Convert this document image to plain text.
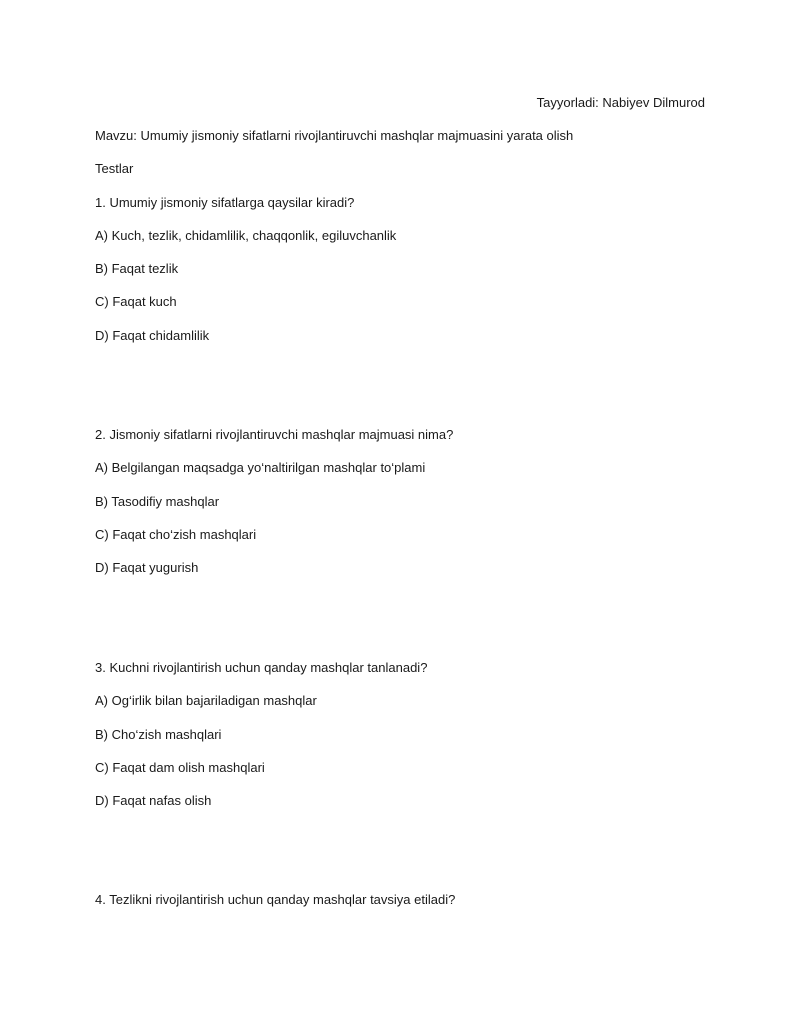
Tayyorladi: Nabiyev Dilmurod
Mavzu: Umumiy jismoniy sifatlarni rivojlantiruvchi mashqlar majmuasini yarata olish
Testlar
1. Umumiy jismoniy sifatlarga qaysilar kiradi?
A) Kuch, tezlik, chidamlilik, chaqqonlik, egiluvchanlik
B) Faqat tezlik
C) Faqat kuch
D) Faqat chidamlilik
2. Jismoniy sifatlarni rivojlantiruvchi mashqlar majmuasi nima?
A) Belgilangan maqsadga yo‘naltirilgan mashqlar to‘plami
B) Tasodifiy mashqlar
C) Faqat cho‘zish mashqlari
D) Faqat yugurish
3. Kuchni rivojlantirish uchun qanday mashqlar tanlanadi?
A) Og‘irlik bilan bajariladigan mashqlar
B) Cho‘zish mashqlari
C) Faqat dam olish mashqlari
D) Faqat nafas olish
4. Tezlikni rivojlantirish uchun qanday mashqlar tavsiya etiladi?
